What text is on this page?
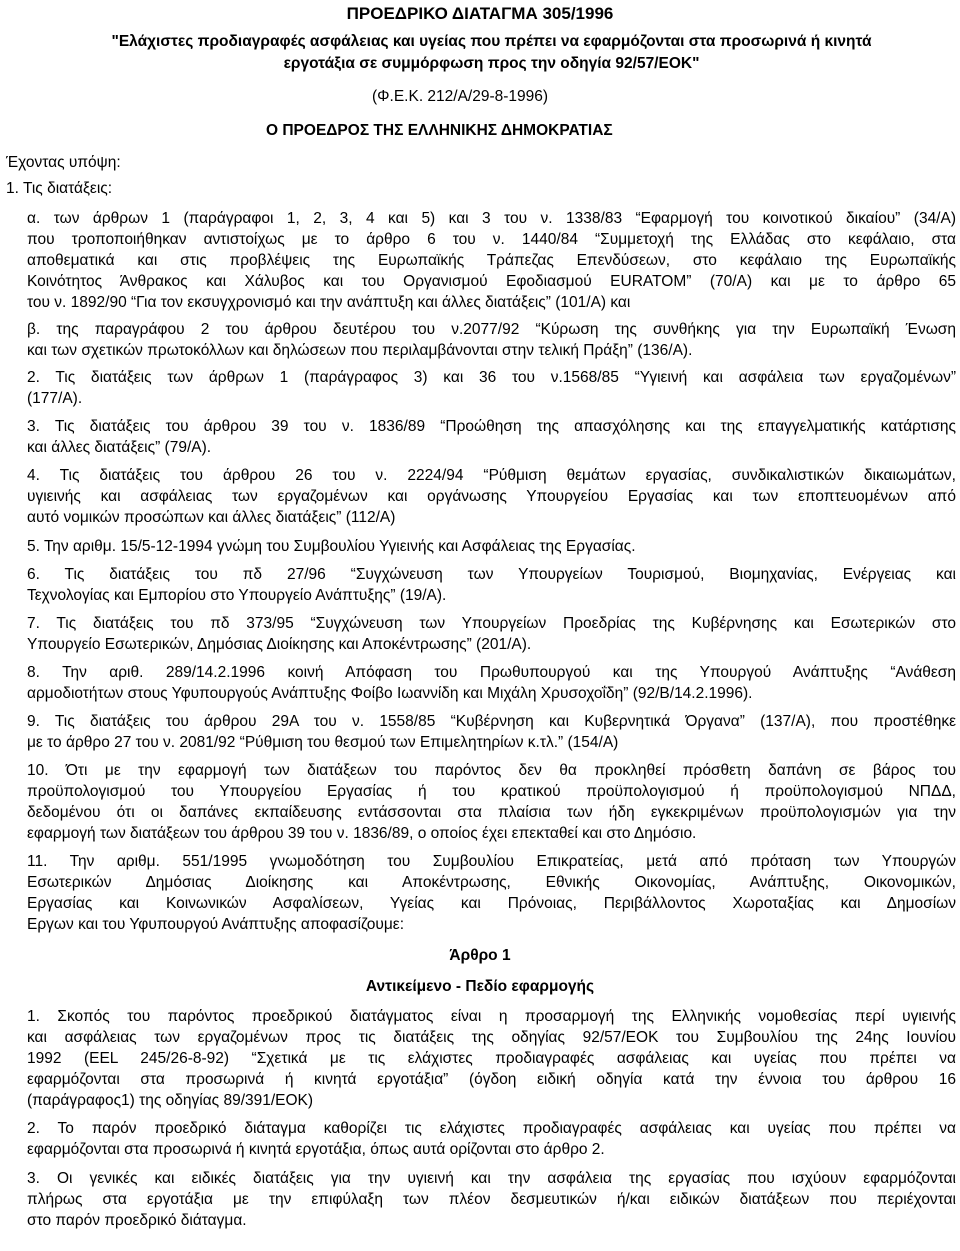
ΠΡΟΕΔΡΙΚΟ ΔΙΑΤΑΓΜΑ 305/1996
"Ελάχιστες προδιαγραφές ασφάλειας και υγείας που πρέπει να εφαρμόζονται στα προσωρινά ή κινητά
εργοτάξια σε συμμόρφωση προς την οδηγία 92/57/ΕΟΚ"
(Φ.Ε.Κ. 212/Α/29-8-1996)
Ο ΠΡΟΕΔΡΟΣ ΤΗΣ ΕΛΛΗΝΙΚΗΣ ΔΗΜΟΚΡΑΤΙΑΣ
Έχοντας υπόψη:
1. Τις διατάξεις:
α. των άρθρων 1 (παράγραφοι 1, 2, 3, 4 και 5) και 3 του ν. 1338/83 “Εφαρμογή του κοινοτικού δικαίου” (34/Α)
που τροποποιήθηκαν αντιστοίχως με το άρθρο 6 του ν. 1440/84 “Συμμετοχή της Ελλάδας στο κεφάλαιο, στα
αποθεματικά και στις προβλέψεις της Ευρωπαϊκής Τράπεζας Επενδύσεων, στο κεφάλαιο της Ευρωπαϊκής
Κοινότητος Άνθρακος και Χάλυβος και του Οργανισμού Εφοδιασμού EURATOM” (70/Α) και με το άρθρο 65
του ν. 1892/90 “Για τον εκσυγχρονισμό και την ανάπτυξη και άλλες διατάξεις” (101/Α) και
β. της παραγράφου 2 του άρθρου δευτέρου του ν.2077/92 “Κύρωση της συνθήκης για την Ευρωπαϊκή Ένωση
και των σχετικών πρωτοκόλλων και δηλώσεων που περιλαμβάνονται στην τελική Πράξη” (136/Α).
2. Τις διατάξεις των άρθρων 1 (παράγραφος 3) και 36 του ν.1568/85 “Υγιεινή και ασφάλεια των εργαζομένων”
(177/Α).
3. Τις διατάξεις του άρθρου 39 του ν. 1836/89 “Προώθηση της απασχόλησης και της επαγγελματικής κατάρτισης
και άλλες διατάξεις” (79/Α).
4. Τις διατάξεις του άρθρου 26 του ν. 2224/94 “Ρύθμιση θεμάτων εργασίας, συνδικαλιστικών δικαιωμάτων,
υγιεινής και ασφάλειας των εργαζομένων και οργάνωσης Υπουργείου Εργασίας και των εποπτευομένων από
αυτό νομικών προσώπων και άλλες διατάξεις” (112/Α)
5. Την αριθμ. 15/5-12-1994 γνώμη του Συμβουλίου Υγιεινής και Ασφάλειας της Εργασίας.
6. Τις διατάξεις του πδ 27/96 “Συγχώνευση των Υπουργείων Τουρισμού, Βιομηχανίας, Ενέργειας και
Τεχνολογίας και Εμπορίου στο Υπουργείο Ανάπτυξης” (19/Α).
7. Τις διατάξεις του πδ 373/95 “Συγχώνευση των Υπουργείων Προεδρίας της Κυβέρνησης και Εσωτερικών στο
Υπουργείο Εσωτερικών, Δημόσιας Διοίκησης και Αποκέντρωσης” (201/Α).
8. Την αριθ. 289/14.2.1996 κοινή Απόφαση του Πρωθυπουργού και της Υπουργού Ανάπτυξης “Ανάθεση
αρμοδιοτήτων στους Υφυπουργούς Ανάπτυξης Φοίβο Ιωαννίδη και Μιχάλη Χρυσοχοΐδη” (92/Β/14.2.1996).
9. Τις διατάξεις του άρθρου 29Α του ν. 1558/85 “Κυβέρνηση και Κυβερνητικά Όργανα” (137/Α), που προστέθηκε
με το άρθρο 27 του ν. 2081/92 “Ρύθμιση του θεσμού των Επιμελητηρίων κ.τλ.” (154/Α)
10. Ότι με την εφαρμογή των διατάξεων του παρόντος δεν θα προκληθεί πρόσθετη δαπάνη σε βάρος του
προϋπολογισμού του Υπουργείου Εργασίας ή του κρατικού προϋπολογισμού ή προϋπολογισμού ΝΠΔΔ,
δεδομένου ότι οι δαπάνες εκπαίδευσης εντάσσονται στα πλαίσια των ήδη εγκεκριμένων προϋπολογισμών για την
εφαρμογή των διατάξεων του άρθρου 39 του ν. 1836/89, ο οποίος έχει επεκταθεί και στο Δημόσιο.
11. Την αριθμ. 551/1995 γνωμοδότηση του Συμβουλίου Επικρατείας, μετά από πρόταση των Υπουργών
Εσωτερικών Δημόσιας Διοίκησης και Αποκέντρωσης, Εθνικής Οικονομίας, Ανάπτυξης, Οικονομικών,
Εργασίας και Κοινωνικών Ασφαλίσεων, Υγείας και Πρόνοιας, Περιβάλλοντος Χωροταξίας και Δημοσίων
Εργων και του Υφυπουργού Ανάπτυξης αποφασίζουμε:
Άρθρο 1
Αντικείμενο - Πεδίο εφαρμογής
1. Σκοπός του παρόντος προεδρικού διατάγματος είναι η προσαρμογή της Ελληνικής νομοθεσίας περί υγιεινής
και ασφάλειας των εργαζομένων προς τις διατάξεις της οδηγίας 92/57/ΕΟΚ του Συμβουλίου της 24ης Ιουνίου
1992 (EEL 245/26-8-92) “Σχετικά με τις ελάχιστες προδιαγραφές ασφάλειας και υγείας που πρέπει να
εφαρμόζονται στα προσωρινά ή κινητά εργοτάξια” (όγδοη ειδική οδηγία κατά την έννοια του άρθρου 16
(παράγραφος1) της οδηγίας 89/391/ΕΟΚ)
2. Το παρόν προεδρικό διάταγμα καθορίζει τις ελάχιστες προδιαγραφές ασφάλειας και υγείας που πρέπει να
εφαρμόζονται στα προσωρινά ή κινητά εργοτάξια, όπως αυτά ορίζονται στο άρθρο 2.
3. Οι γενικές και ειδικές διατάξεις για την υγιεινή και την ασφάλεια της εργασίας που ισχύουν εφαρμόζονται
πλήρως στα εργοτάξια με την επιφύλαξη των πλέον δεσμευτικών ή/και ειδικών διατάξεων που περιέχονται
στο παρόν προεδρικό διάταγμα.
